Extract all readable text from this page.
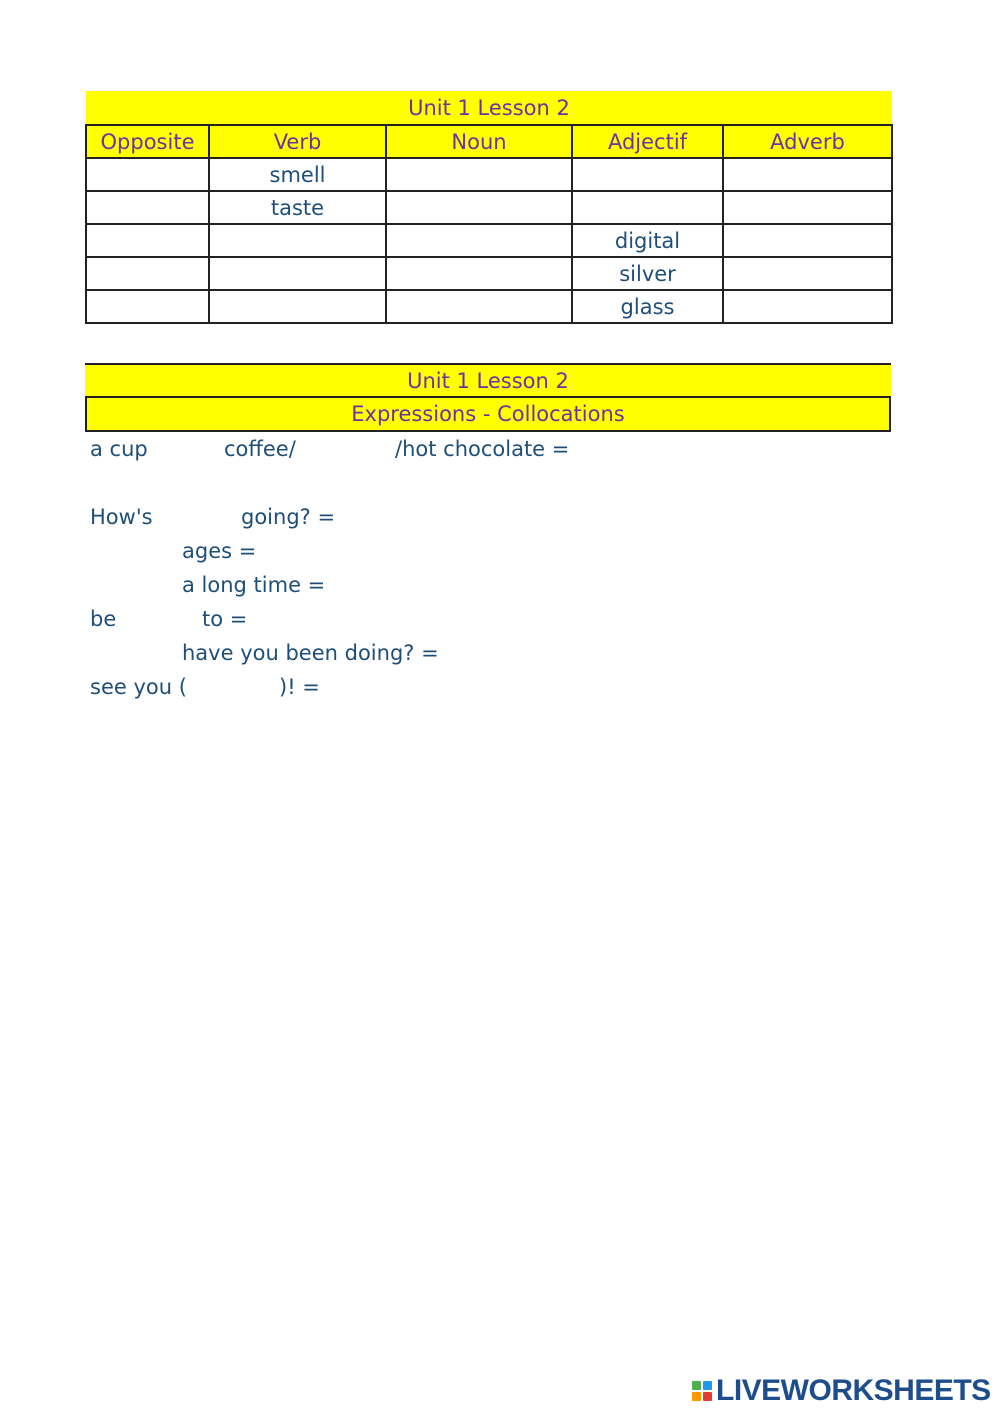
Unit 1 Lesson 2				
Opposite	Verb	Noun	Adjectif	Adverb
	smell			
	taste			
			digital	
			silver	
			glass	
Unit 1 Lesson 2
Expressions - Collocations
a cup	coffee/	/hot chocolate =
How's	going? =
ages =
a long time =
be	to =
have you been doing? =
see you (	)! =
LIVEWORKSHEETS
